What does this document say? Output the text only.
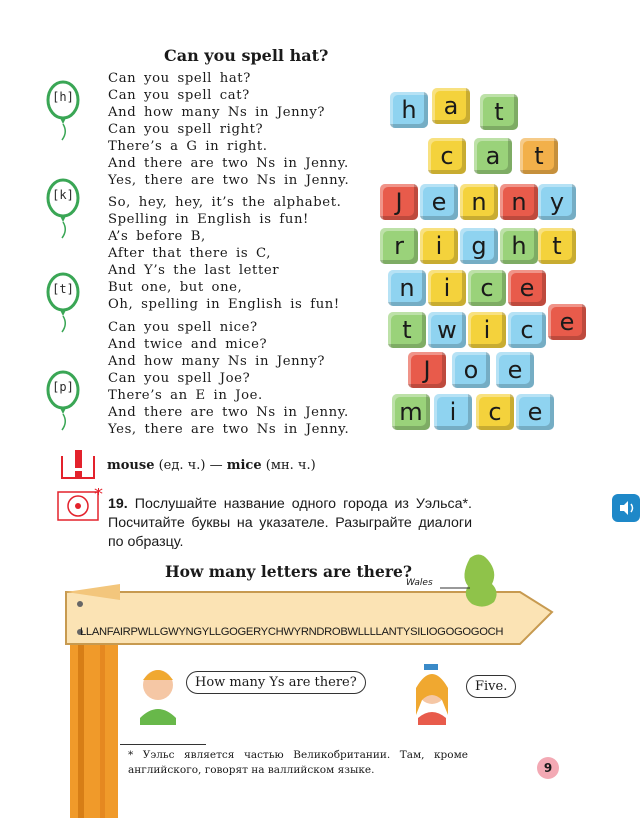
Can you spell hat?
[h]
[k]
[t]
[p]
Can you spell hat?
Can you spell cat?
And how many Ns in Jenny?
Can you spell right?
There’s a G in right.
And there are two Ns in Jenny.
Yes, there are two Ns in Jenny.
So, hey, hey, it’s the alphabet.
Spelling in English is fun!
A’s before B,
After that there is C,
And Y’s the last letter
But one, but one,
Oh, spelling in English is fun!
Can you spell nice?
And twice and mice?
And how many Ns in Jenny?
Can you spell Joe?
There’s an E in Joe.
And there are two Ns in Jenny.
Yes, there are two Ns in Jenny.
h	a	t
c	a	t
J	e	n	n y
r	i	g	h	t
n	i	c	e
t	w	i	c	e
J	o	e
m	i	c	e
mouse (ед. ч.) — mice (мн. ч.)
* 19. Послушайте название одного города из Уэльса*. Посчитайте буквы на указателе. Разыграйте диалоги по образцу.
How many letters are there?
Wales
LLANFAIRPWLLGWYNGYLLGOGERYCHWYRNDROBWLLLLANTYSILIOGOGOGOCH
How many Ys are there?	Five.
* Уэльс является частью Великобритании. Там, кроме английского, говорят на валлийском языке.	9
